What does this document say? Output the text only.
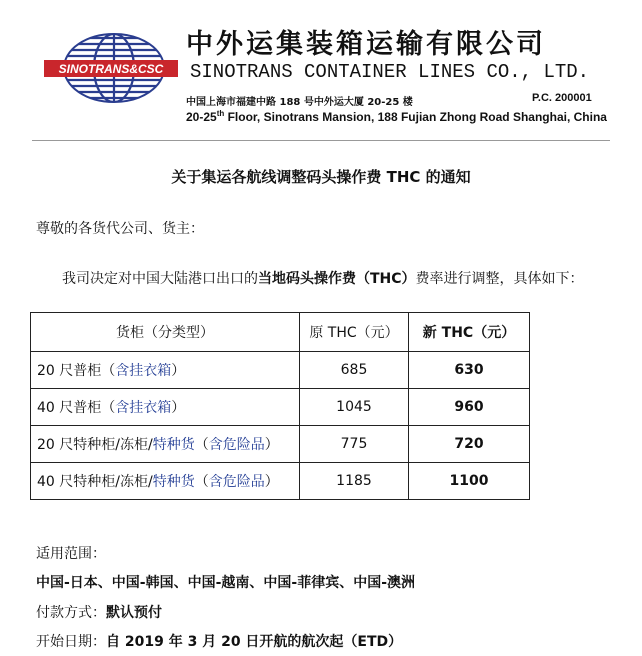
SINOTRANS&CSC
中外运集装箱运输有限公司
SINOTRANS CONTAINER LINES CO., LTD.
中国上海市福建中路 188 号中外运大厦 20-25 楼	P.C. 200001
20-25th Floor, Sinotrans Mansion, 188 Fujian Zhong Road Shanghai, China
关于集运各航线调整码头操作费 THC 的通知
尊敬的各货代公司、货主：
我司决定对中国大陆港口出口的当地码头操作费（THC）费率进行调整，具体如下：
货柜（分类型）	原 THC（元）	新 THC（元）
20 尺普柜（含挂衣箱）	685	630
40 尺普柜（含挂衣箱）	1045	960
20 尺特种柜/冻柜/特种货（含危险品）	775	720
40 尺特种柜/冻柜/特种货（含危险品）	1185	1100
适用范围：
中国-日本、中国-韩国、中国-越南、中国-菲律宾、中国-澳洲
付款方式：默认预付
开始日期：自 2019 年 3 月 20 日开航的航次起（ETD）
